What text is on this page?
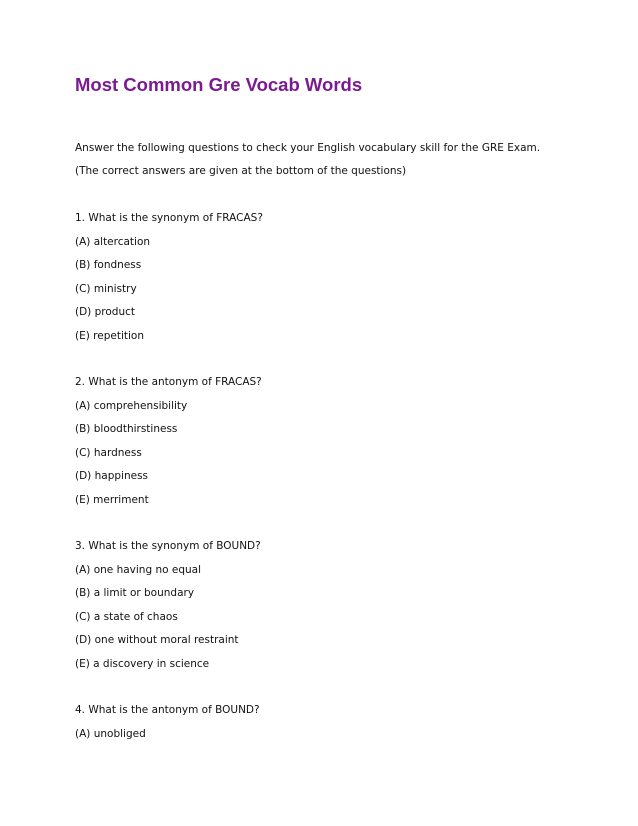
Most Common Gre Vocab Words

Answer the following questions to check your English vocabulary skill for the GRE Exam.

(The correct answers are given at the bottom of the questions)

1. What is the synonym of FRACAS?

(A) altercation

(B) fondness

(C) ministry

(D) product

(E) repetition

2. What is the antonym of FRACAS?

(A) comprehensibility

(B) bloodthirstiness

(C) hardness

(D) happiness

(E) merriment

3. What is the synonym of BOUND?

(A) one having no equal

(B) a limit or boundary

(C) a state of chaos

(D) one without moral restraint

(E) a discovery in science

4. What is the antonym of BOUND?

(A) unobliged
